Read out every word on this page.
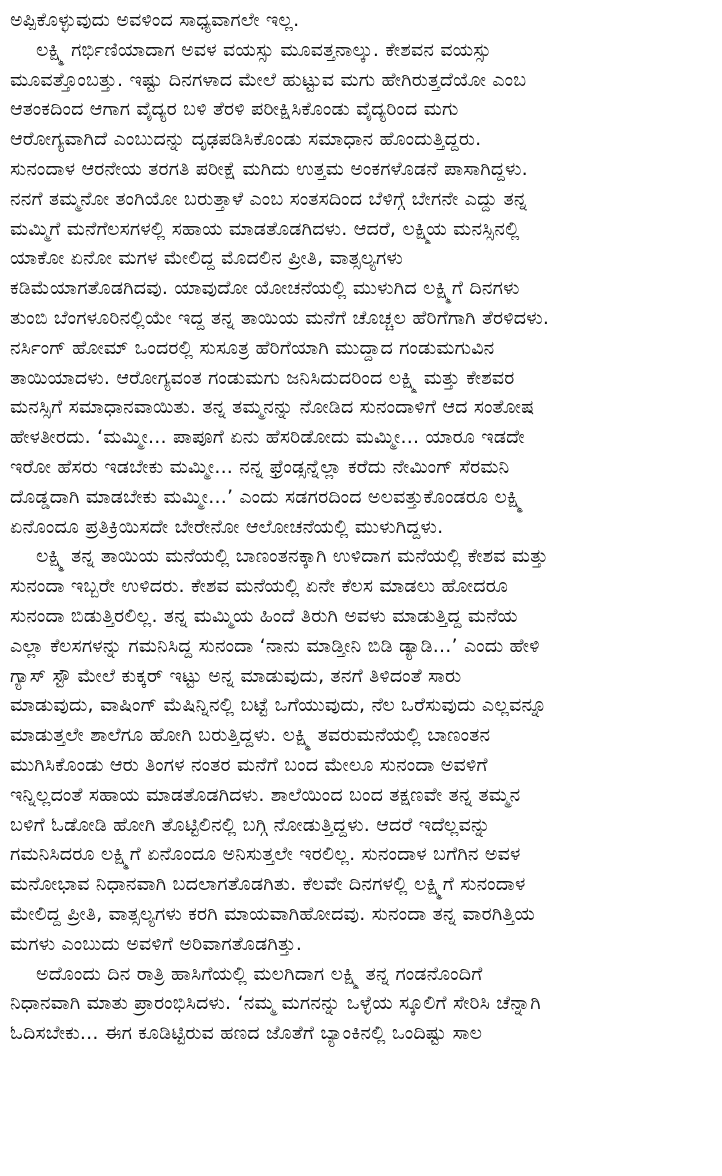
ಅಪ್ಪಿಕೊಳ್ಳುವುದು ಅವಳಿಂದ ಸಾಧ್ಯವಾಗಲೇ ಇಲ್ಲ.

ಲಕ್ಷ್ಮಿ ಗರ್ಭಿಣಿಯಾದಾಗ ಅವಳ ವಯಸ್ಸು ಮೂವತ್ತನಾಲ್ಕು. ಕೇಶವನ ವಯಸ್ಸು
ಮೂವತ್ತೊಂಬತ್ತು. ಇಷ್ಟು ದಿನಗಳಾದ ಮೇಲೆ ಹುಟ್ಟುವ ಮಗು ಹೇಗಿರುತ್ತದೆಯೋ ಎಂಬ
ಆತಂಕದಿಂದ ಆಗಾಗ ವೈದ್ಯರ ಬಳಿ ತೆರಳಿ ಪರೀಕ್ಷಿಸಿಕೊಂಡು ವೈದ್ಯರಿಂದ ಮಗು
ಆರೋಗ್ಯವಾಗಿದೆ ಎಂಬುದನ್ನು ದೃಢಪಡಿಸಿಕೊಂಡು ಸಮಾಧಾನ ಹೊಂದುತ್ತಿದ್ದರು.
ಸುನಂದಾಳ ಆರನೇಯ ತರಗತಿ ಪರೀಕ್ಷೆ ಮಗಿದು ಉತ್ತಮ ಅಂಕಗಳೊಡನೆ ಪಾಸಾಗಿದ್ದಳು.
ನನಗೆ ತಮ್ಮನೋ ತಂಗಿಯೋ ಬರುತ್ತಾಳೆ ಎಂಬ ಸಂತಸದಿಂದ ಬೆಳಿಗ್ಗೆ ಬೇಗನೇ ಎದ್ದು ತನ್ನ
ಮಮ್ಮಿಗೆ ಮನೆಗೆಲಸಗಳಲ್ಲಿ ಸಹಾಯ ಮಾಡತೊಡಗಿದಳು. ಆದರೆ, ಲಕ್ಷ್ಮಿಯ ಮನಸ್ಸಿನಲ್ಲಿ
ಯಾಕೋ ಏನೋ ಮಗಳ ಮೇಲಿದ್ದ ಮೊದಲಿನ ಪ್ರೀತಿ, ವಾತ್ಸಲ್ಯಗಳು
ಕಡಿಮೆಯಾಗತೊಡಗಿದವು. ಯಾವುದೋ ಯೋಚನೆಯಲ್ಲಿ ಮುಳುಗಿದ ಲಕ್ಷ್ಮಿಗೆ ದಿನಗಳು
ತುಂಬಿ ಬೆಂಗಳೂರಿನಲ್ಲಿಯೇ ಇದ್ದ ತನ್ನ ತಾಯಿಯ ಮನೆಗೆ ಚೊಚ್ಚಲ ಹೆರಿಗೆಗಾಗಿ ತೆರಳಿದಳು.
ನರ್ಸಿಂಗ್ ಹೋಮ್ ಒಂದರಲ್ಲಿ ಸುಸೂತ್ರ ಹೆರಿಗೆಯಾಗಿ ಮುದ್ದಾದ ಗಂಡುಮಗುವಿನ
ತಾಯಿಯಾದಳು. ಆರೋಗ್ಯವಂತ ಗಂಡುಮಗು ಜನಿಸಿದುದರಿಂದ ಲಕ್ಷ್ಮಿ ಮತ್ತು ಕೇಶವರ
ಮನಸ್ಸಿಗೆ ಸಮಾಧಾನವಾಯಿತು. ತನ್ನ ತಮ್ಮನನ್ನು ನೋಡಿದ ಸುನಂದಾಳಿಗೆ ಆದ ಸಂತೋಷ
ಹೇಳತೀರದು. ‘ಮಮ್ಮೀ... ಪಾಪೂಗೆ ಏನು ಹೆಸರಿಡೋದು ಮಮ್ಮೀ... ಯಾರೂ ಇಡದೇ
ಇರೋ ಹೆಸರು ಇಡಬೇಕು ಮಮ್ಮೀ... ನನ್ನ ಫ್ರೆಂಡ್ಸನ್ನೆಲ್ಲಾ ಕರೆದು ನೇಮಿಂಗ್ ಸೆರಮನಿ
ದೊಡ್ಡದಾಗಿ ಮಾಡಬೇಕು ಮಮ್ಮೀ...’ ಎಂದು ಸಡಗರದಿಂದ ಅಲವತ್ತುಕೊಂಡರೂ ಲಕ್ಷ್ಮಿ
ಏನೊಂದೂ ಪ್ರತಿಕ್ರಿಯಿಸದೇ ಬೇರೇನೋ ಆಲೋಚನೆಯಲ್ಲಿ ಮುಳುಗಿದ್ದಳು.

ಲಕ್ಷ್ಮಿ ತನ್ನ ತಾಯಿಯ ಮನೆಯಲ್ಲಿ ಬಾಣಂತನಕ್ಕಾಗಿ ಉಳಿದಾಗ ಮನೆಯಲ್ಲಿ ಕೇಶವ ಮತ್ತು
ಸುನಂದಾ ಇಬ್ಬರೇ ಉಳಿದರು. ಕೇಶವ ಮನೆಯಲ್ಲಿ ಏನೇ ಕೆಲಸ ಮಾಡಲು ಹೋದರೂ
ಸುನಂದಾ ಬಿಡುತ್ತಿರಲಿಲ್ಲ. ತನ್ನ ಮಮ್ಮಿಯ ಹಿಂದೆ ತಿರುಗಿ ಅವಳು ಮಾಡುತ್ತಿದ್ದ ಮನೆಯ
ಎಲ್ಲಾ ಕೆಲಸಗಳನ್ನು ಗಮನಿಸಿದ್ದ ಸುನಂದಾ ‘ನಾನು ಮಾಡ್ತೀನಿ ಬಿಡಿ ಡ್ಯಾಡಿ...’ ಎಂದು ಹೇಳಿ
ಗ್ಯಾಸ್ ಸ್ಟೌ ಮೇಲೆ ಕುಕ್ಕರ್ ಇಟ್ಟು ಅನ್ನ ಮಾಡುವುದು, ತನಗೆ ತಿಳಿದಂತೆ ಸಾರು
ಮಾಡುವುದು, ವಾಷಿಂಗ್ ಮೆಷಿನ್ನಿನಲ್ಲಿ ಬಟ್ಟೆ ಒಗೆಯುವುದು, ನೆಲ ಒರೆಸುವುದು ಎಲ್ಲವನ್ನೂ
ಮಾಡುತ್ತಲೇ ಶಾಲೆಗೂ ಹೋಗಿ ಬರುತ್ತಿದ್ದಳು. ಲಕ್ಷ್ಮಿ ತವರುಮನೆಯಲ್ಲಿ ಬಾಣಂತನ
ಮುಗಿಸಿಕೊಂಡು ಆರು ತಿಂಗಳ ನಂತರ ಮನೆಗೆ ಬಂದ ಮೇಲೂ ಸುನಂದಾ ಅವಳಿಗೆ
ಇನ್ನಿಲ್ಲದಂತೆ ಸಹಾಯ ಮಾಡತೊಡಗಿದಳು. ಶಾಲೆಯಿಂದ ಬಂದ ತಕ್ಷಣವೇ ತನ್ನ ತಮ್ಮನ
ಬಳಿಗೆ ಓಡೋಡಿ ಹೋಗಿ ತೊಟ್ಟಿಲಿನಲ್ಲಿ ಬಗ್ಗಿ ನೋಡುತ್ತಿದ್ದಳು. ಆದರೆ ಇದೆಲ್ಲವನ್ನು
ಗಮನಿಸಿದರೂ ಲಕ್ಷ್ಮಿಗೆ ಏನೊಂದೂ ಅನಿಸುತ್ತಲೇ ಇರಲಿಲ್ಲ. ಸುನಂದಾಳ ಬಗೆಗಿನ ಅವಳ
ಮನೋಭಾವ ನಿಧಾನವಾಗಿ ಬದಲಾಗತೊಡಗಿತು. ಕೆಲವೇ ದಿನಗಳಲ್ಲಿ ಲಕ್ಷ್ಮಿಗೆ ಸುನಂದಾಳ
ಮೇಲಿದ್ದ ಪ್ರೀತಿ, ವಾತ್ಸಲ್ಯಗಳು ಕರಗಿ ಮಾಯವಾಗಿಹೋದವು. ಸುನಂದಾ ತನ್ನ ವಾರಗಿತ್ತಿಯ
ಮಗಳು ಎಂಬುದು ಅವಳಿಗೆ ಅರಿವಾಗತೊಡಗಿತ್ತು.

ಅದೊಂದು ದಿನ ರಾತ್ರಿ ಹಾಸಿಗೆಯಲ್ಲಿ ಮಲಗಿದಾಗ ಲಕ್ಷ್ಮಿ ತನ್ನ ಗಂಡನೊಂದಿಗೆ
ನಿಧಾನವಾಗಿ ಮಾತು ಪ್ರಾರಂಭಿಸಿದಳು. ‘ನಮ್ಮ ಮಗನನ್ನು ಒಳ್ಳೆಯ ಸ್ಕೂಲಿಗೆ ಸೇರಿಸಿ ಚೆನ್ನಾಗಿ
ಓದಿಸಬೇಕು... ಈಗ ಕೂಡಿಟ್ಟಿರುವ ಹಣದ ಜೊತೆಗೆ ಬ್ಯಾಂಕಿನಲ್ಲಿ ಒಂದಿಷ್ಟು ಸಾಲ
